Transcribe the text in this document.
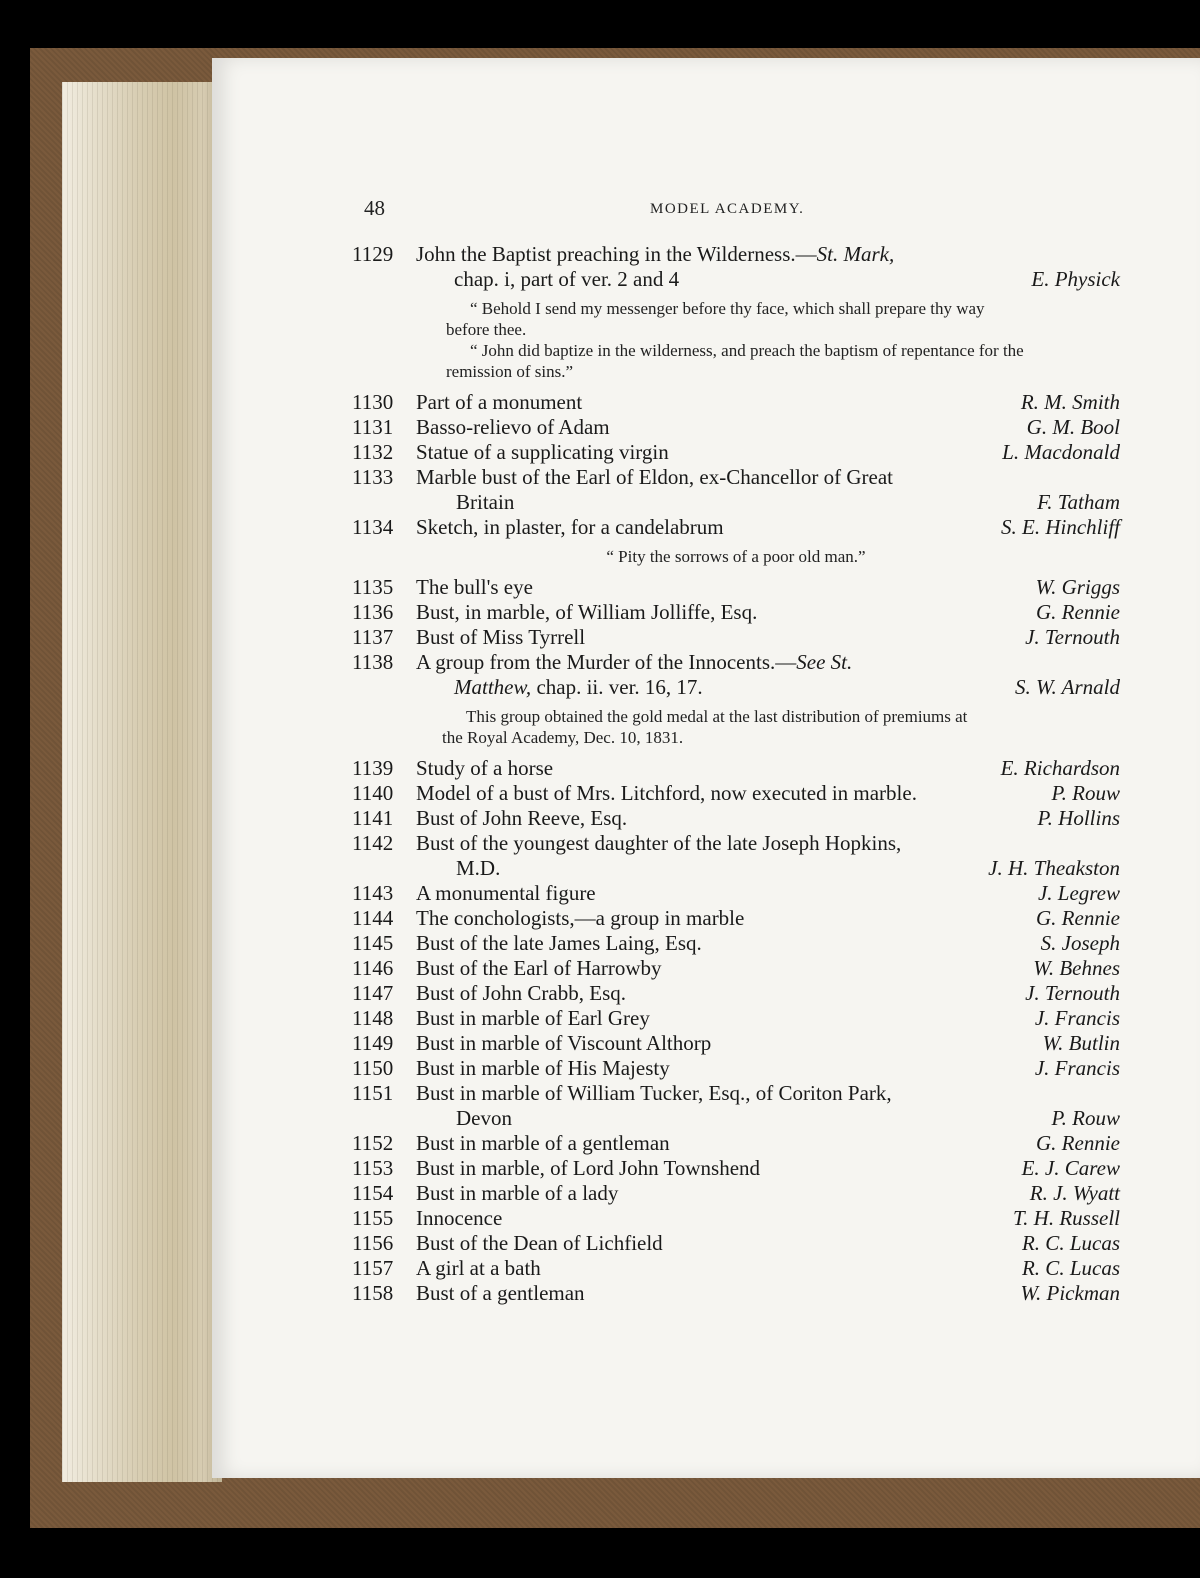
48	MODEL ACADEMY.
1129	John the Baptist preaching in the Wilderness.—St. Mark,
chap. i, part of ver. 2 and 4	E. Physick

“ Behold I send my messenger before thy face, which shall prepare thy way before thee.

“ John did baptize in the wilderness, and preach the baptism of repentance for the remission of sins.”

1130	Part of a monument	R. M. Smith
1131	Basso-relievo of Adam	G. M. Bool
1132	Statue of a supplicating virgin	L. Macdonald
1133	Marble bust of the Earl of Eldon, ex-Chancellor of Great
Britain	F. Tatham
1134	Sketch, in plaster, for a candelabrum	S. E. Hinchliff

“ Pity the sorrows of a poor old man.”

1135	The bull's eye	W. Griggs
1136	Bust, in marble, of William Jolliffe, Esq.	G. Rennie
1137	Bust of Miss Tyrrell	J. Ternouth
1138	A group from the Murder of the Innocents.—See St.
Matthew, chap. ii. ver. 16, 17.	S. W. Arnald

This group obtained the gold medal at the last distribution of premiums at the Royal Academy, Dec. 10, 1831.

1139	Study of a horse	E. Richardson
1140	Model of a bust of Mrs. Litchford, now executed in marble.	P. Rouw
1141	Bust of John Reeve, Esq.	P. Hollins
1142	Bust of the youngest daughter of the late Joseph Hopkins,
M.D.	J. H. Theakston
1143	A monumental figure	J. Legrew
1144	The conchologists,—a group in marble	G. Rennie
1145	Bust of the late James Laing, Esq.	S. Joseph
1146	Bust of the Earl of Harrowby	W. Behnes
1147	Bust of John Crabb, Esq.	J. Ternouth
1148	Bust in marble of Earl Grey	J. Francis
1149	Bust in marble of Viscount Althorp	W. Butlin
1150	Bust in marble of His Majesty	J. Francis
1151	Bust in marble of William Tucker, Esq., of Coriton Park,
Devon	P. Rouw
1152	Bust in marble of a gentleman	G. Rennie
1153	Bust in marble, of Lord John Townshend	E. J. Carew
1154	Bust in marble of a lady	R. J. Wyatt
1155	Innocence	T. H. Russell
1156	Bust of the Dean of Lichfield	R. C. Lucas
1157	A girl at a bath	R. C. Lucas
1158	Bust of a gentleman	W. Pickman
